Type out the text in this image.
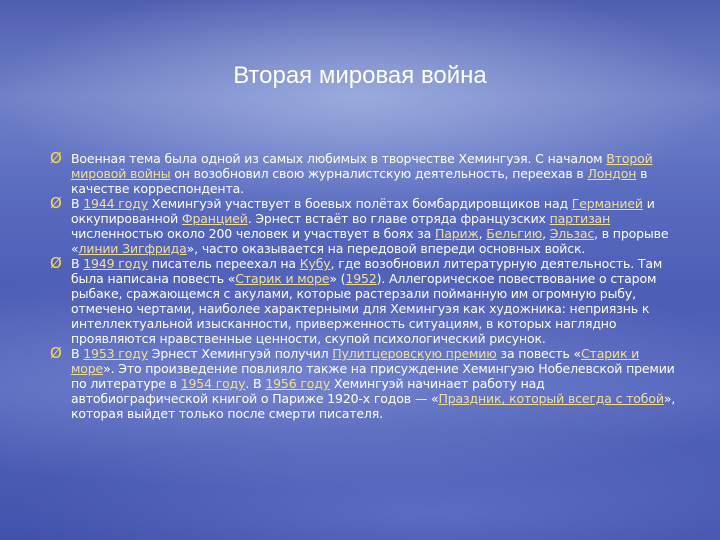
Вторая мировая война
Ø Военная тема была одной из самых любимых в творчестве Хемингуэя. С началом Второй мировой войны он возобновил свою журналистскую деятельность, переехав в Лондон в качестве корреспондента.
Ø В 1944 году Хемингуэй участвует в боевых полётах бомбардировщиков над Германией и оккупированной Францией. Эрнест встаёт во главе отряда французских партизан численностью около 200 человек и участвует в боях за Париж, Бельгию, Эльзас, в прорыве «линии Зигфрида», часто оказывается на передовой впереди основных войск.
Ø В 1949 году писатель переехал на Кубу, где возобновил литературную деятельность. Там была написана повесть «Старик и море» (1952). Аллегорическое повествование о старом рыбаке, сражающемся с акулами, которые растерзали пойманную им огромную рыбу, отмечено чертами, наиболее характерными для Хемингуэя как художника: неприязнь к интеллектуальной изысканности, приверженность ситуациям, в которых наглядно проявляются нравственные ценности, скупой психологический рисунок.
Ø В 1953 году Эрнест Хемингуэй получил Пулитцеровскую премию за повесть «Старик и море». Это произведение повлияло также на присуждение Хемингуэю Нобелевской премии по литературе в 1954 году. В 1956 году Хемингуэй начинает работу над автобиографической книгой о Париже 1920-х годов — «Праздник, который всегда с тобой», которая выйдет только после смерти писателя.
